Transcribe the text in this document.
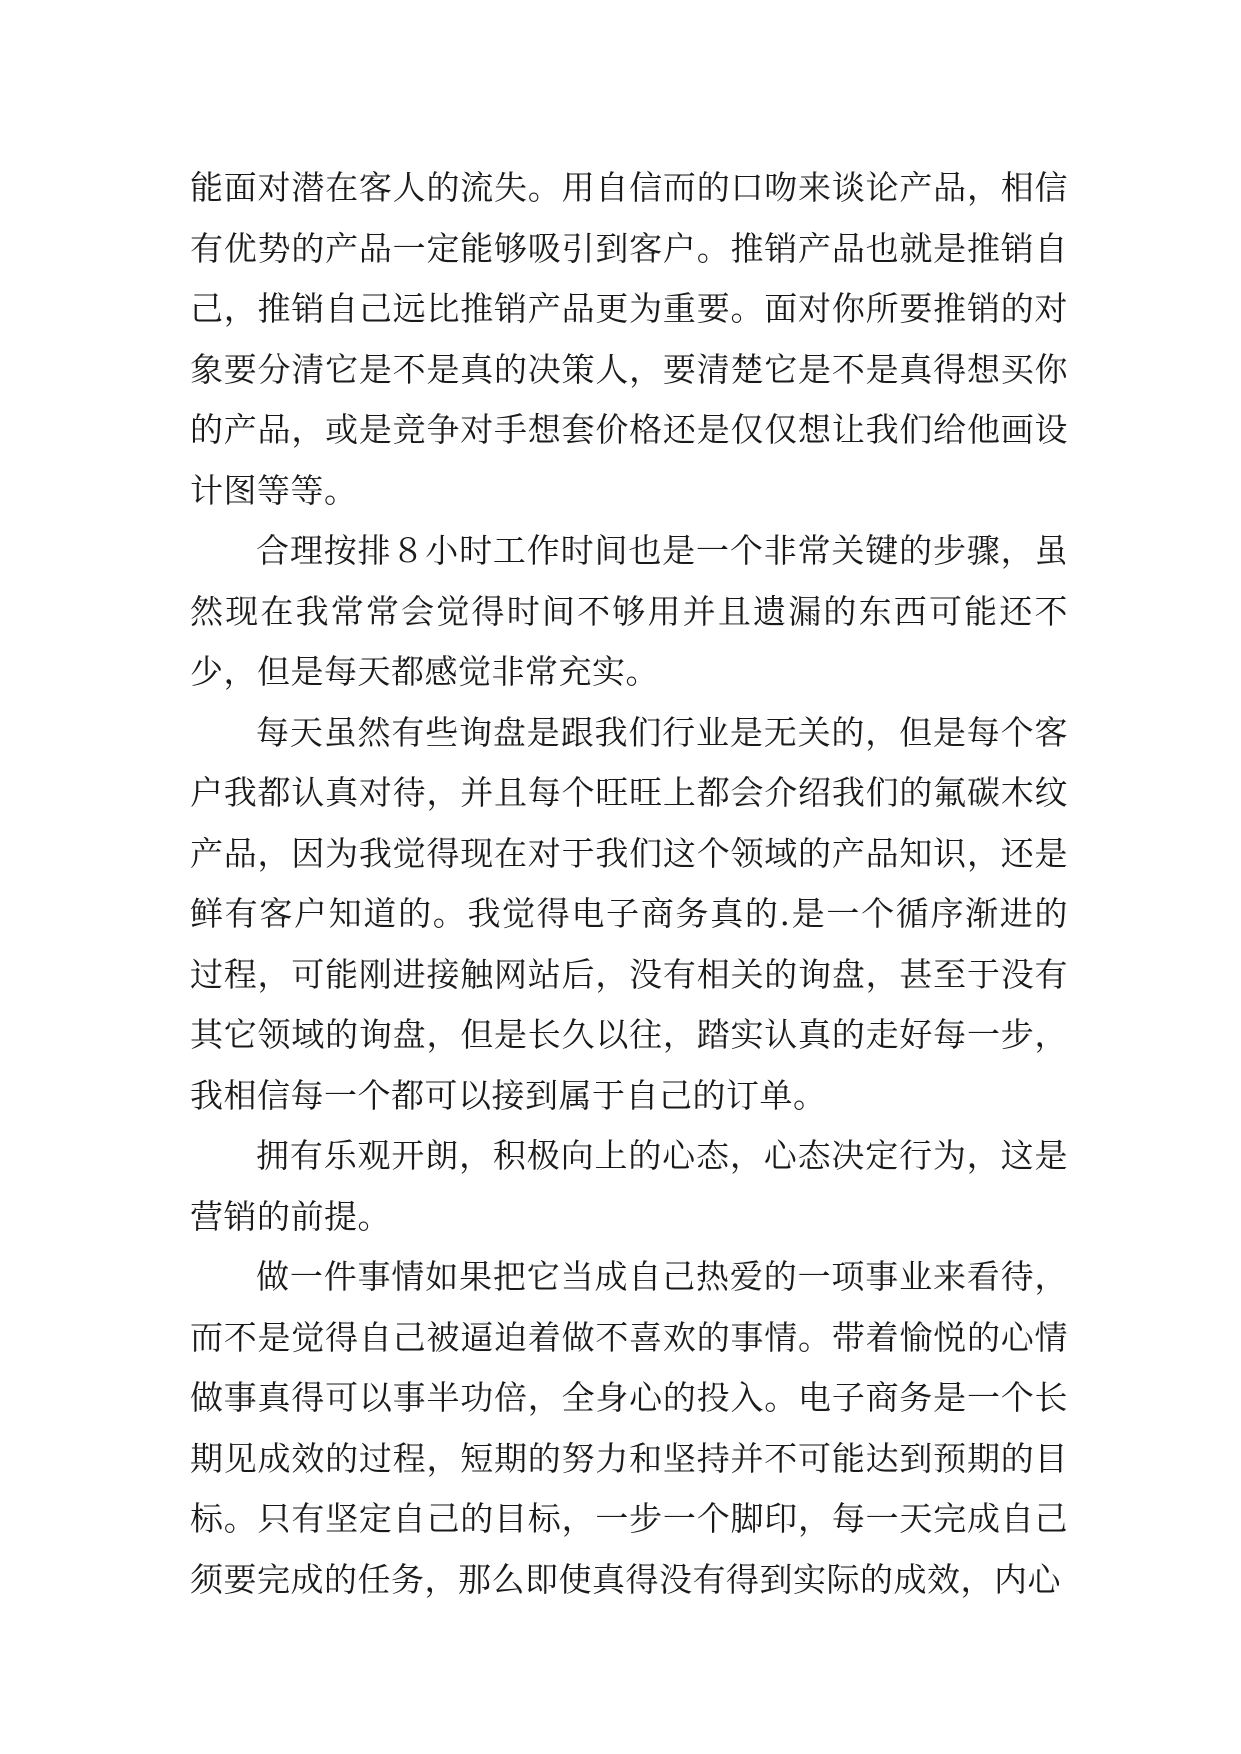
能面对潜在客人的流失。用自信而的口吻来谈论产品，相信有优势的产品一定能够吸引到客户。推销产品也就是推销自己，推销自己远比推销产品更为重要。面对你所要推销的对象要分清它是不是真的决策人，要清楚它是不是真得想买你的产品，或是竞争对手想套价格还是仅仅想让我们给他画设计图等等。

合理按排８小时工作时间也是一个非常关键的步骤，虽然现在我常常会觉得时间不够用并且遗漏的东西可能还不少，但是每天都感觉非常充实。

每天虽然有些询盘是跟我们行业是无关的，但是每个客户我都认真对待，并且每个旺旺上都会介绍我们的氟碳木纹产品，因为我觉得现在对于我们这个领域的产品知识，还是鲜有客户知道的。我觉得电子商务真的.是一个循序渐进的过程，可能刚进接触网站后，没有相关的询盘，甚至于没有其它领域的询盘，但是长久以往，踏实认真的走好每一步，我相信每一个都可以接到属于自己的订单。

拥有乐观开朗，积极向上的心态，心态决定行为，这是营销的前提。

做一件事情如果把它当成自己热爱的一项事业来看待，而不是觉得自己被逼迫着做不喜欢的事情。带着愉悦的心情做事真得可以事半功倍，全身心的投入。电子商务是一个长期见成效的过程，短期的努力和坚持并不可能达到预期的目标。只有坚定自己的目标，一步一个脚印，每一天完成自己须要完成的任务，那么即使真得没有得到实际的成效，内心
